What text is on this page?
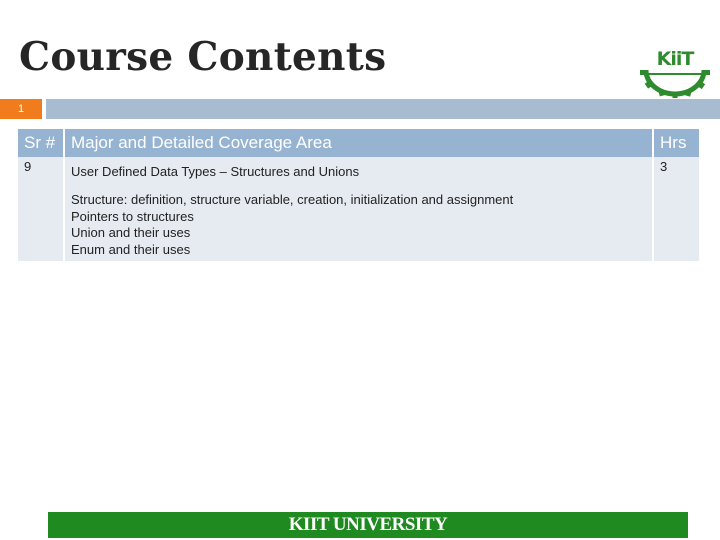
Course Contents	KiiT
1
Sr #	Major and Detailed Coverage Area	Hrs

9	User Defined Data Types – Structures and Unions
Structure: definition, structure variable, creation, initialization and assignment
Pointers to structures
Union and their uses
Enum and their uses	3
KIIT UNIVERSITY
